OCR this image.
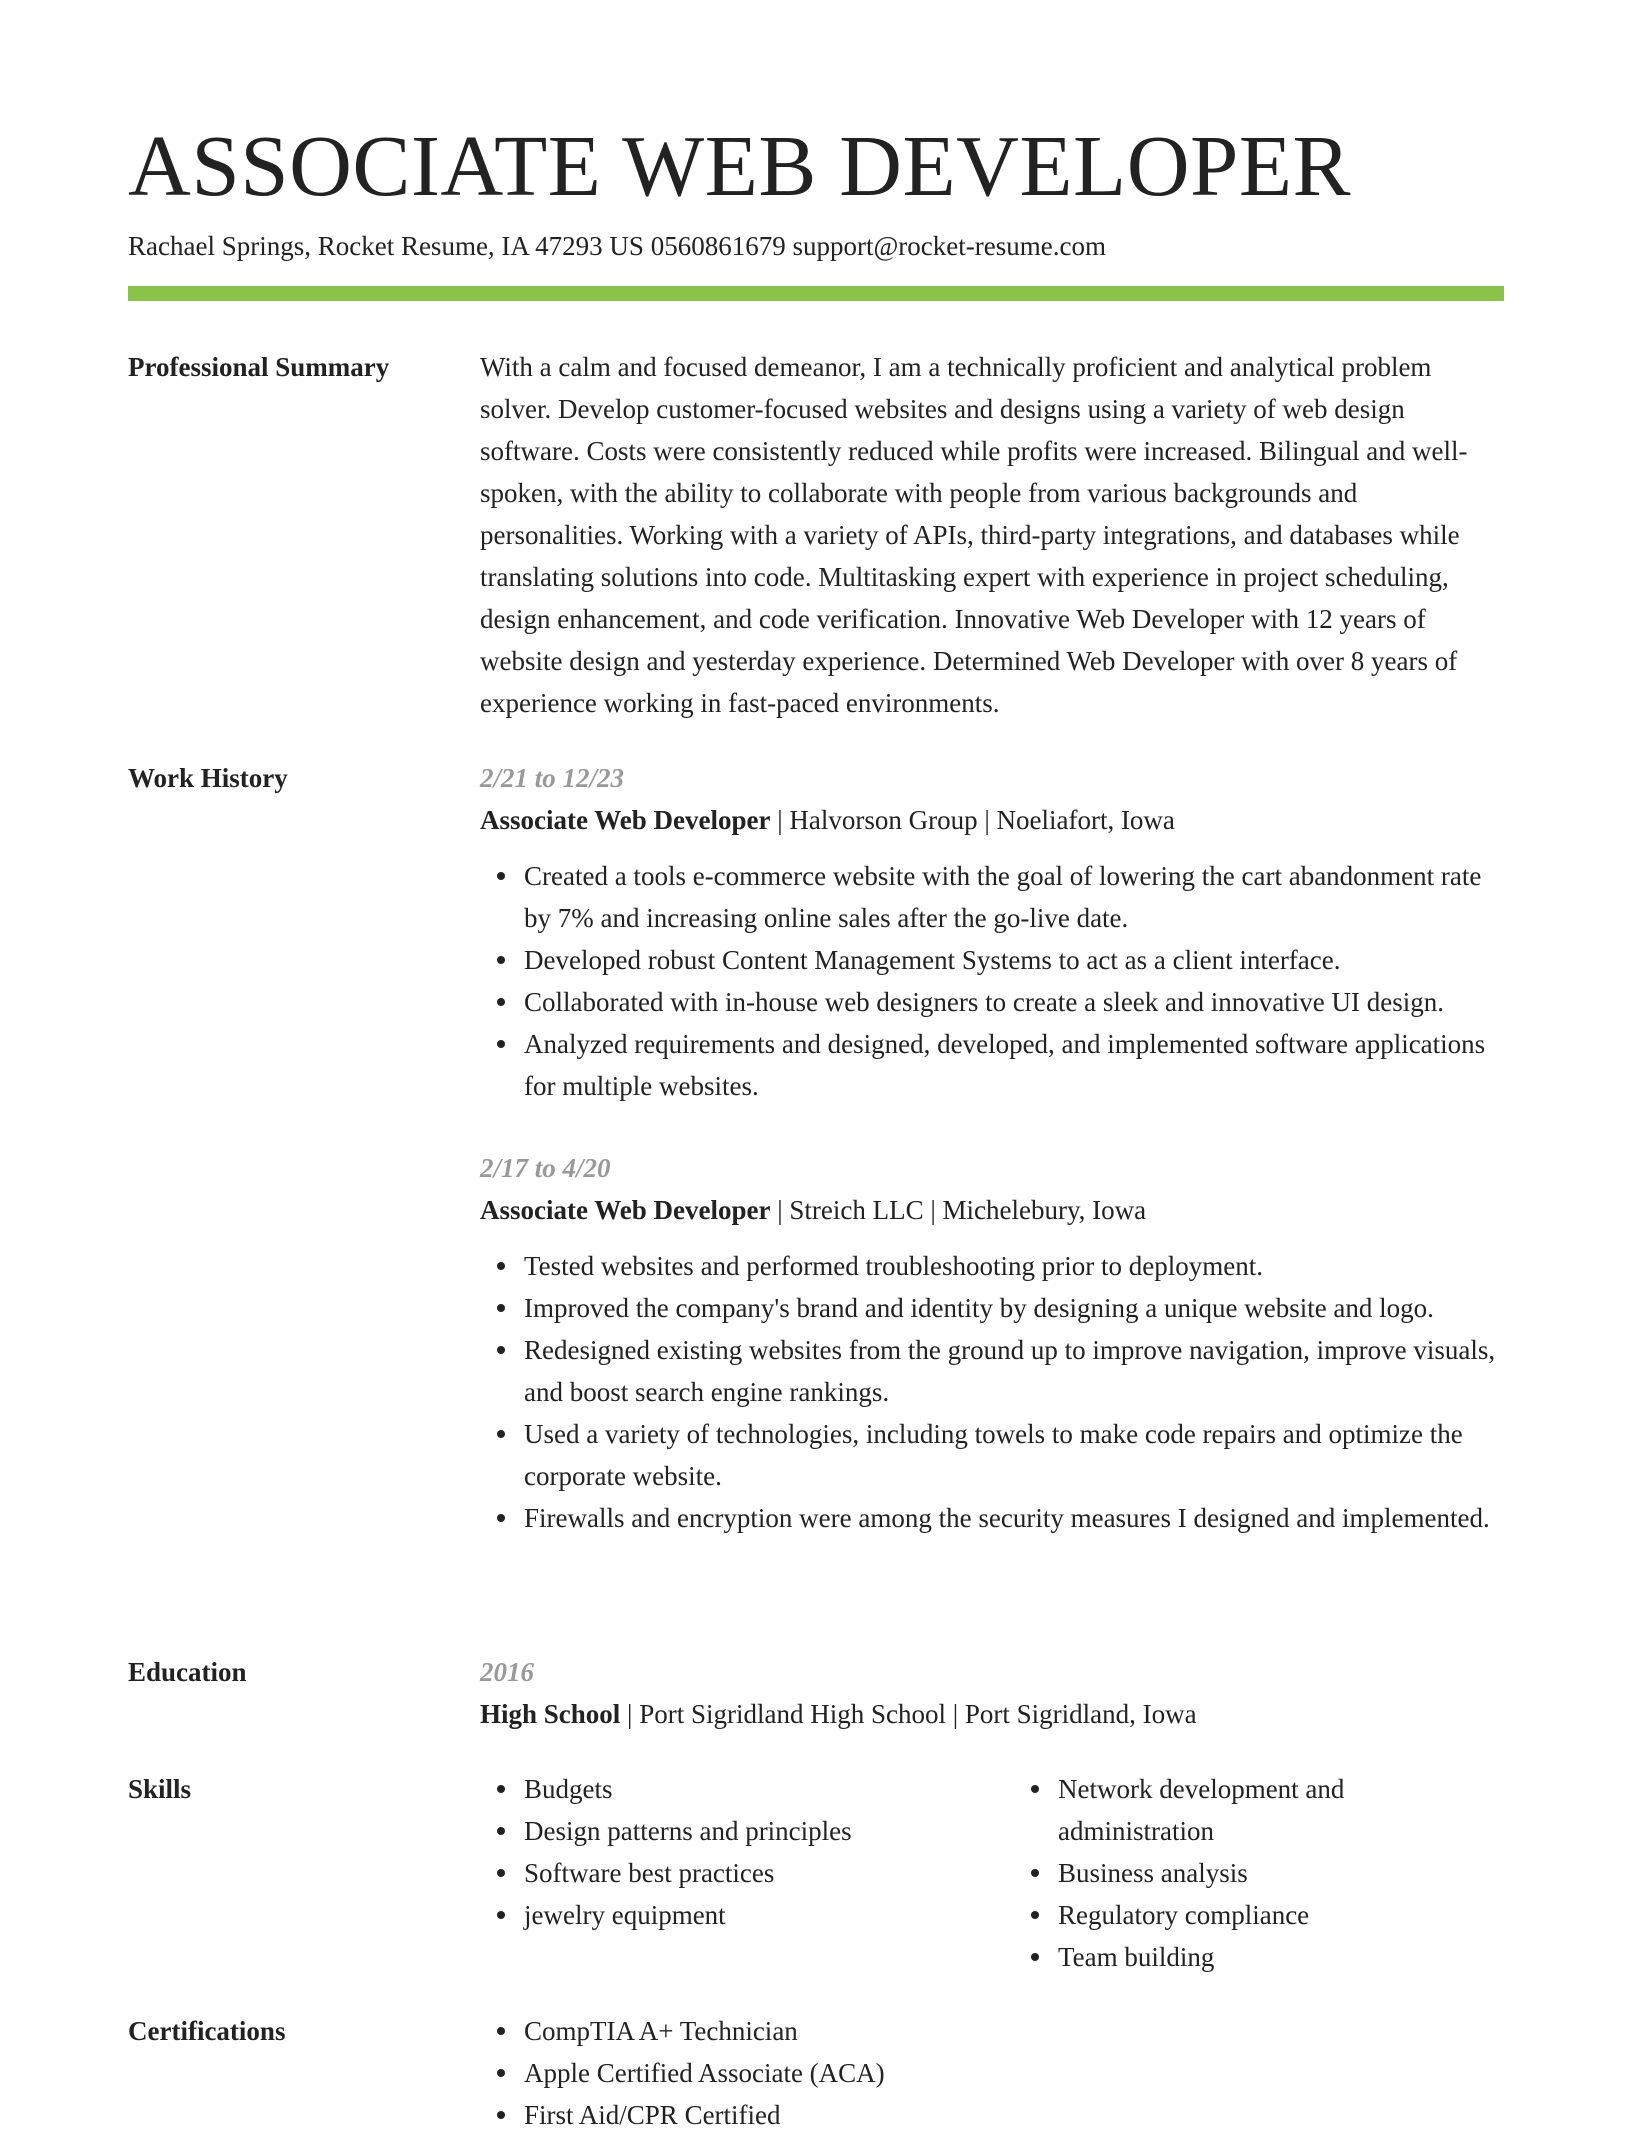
ASSOCIATE WEB DEVELOPER
Rachael Springs, Rocket Resume, IA 47293 US 0560861679 support@rocket-resume.com
Professional Summary	With a calm and focused demeanor, I am a technically proficient and analytical problem solver. Develop customer-focused websites and designs using a variety of web design software. Costs were consistently reduced while profits were increased. Bilingual and well-spoken, with the ability to collaborate with people from various backgrounds and personalities. Working with a variety of APIs, third-party integrations, and databases while translating solutions into code. Multitasking expert with experience in project scheduling, design enhancement, and code verification. Innovative Web Developer with 12 years of website design and yesterday experience. Determined Web Developer with over 8 years of experience working in fast-paced environments.

Work History	2/21 to 12/23
Associate Web Developer | Halvorson Group | Noeliafort, Iowa
Created a tools e-commerce website with the goal of lowering the cart abandonment rate by 7% and increasing online sales after the go-live date.
Developed robust Content Management Systems to act as a client interface.
Collaborated with in-house web designers to create a sleek and innovative UI design.
Analyzed requirements and designed, developed, and implemented software applications for multiple websites.
2/17 to 4/20
Associate Web Developer | Streich LLC | Michelebury, Iowa
Tested websites and performed troubleshooting prior to deployment.
Improved the company's brand and identity by designing a unique website and logo.
Redesigned existing websites from the ground up to improve navigation, improve visuals, and boost search engine rankings.
Used a variety of technologies, including towels to make code repairs and optimize the corporate website.
Firewalls and encryption were among the security measures I designed and implemented.
Education	2016
High School | Port Sigridland High School | Port Sigridland, Iowa
Skills	Budgets
Design patterns and principles
Software best practices
jewelry equipment
Network development and administration
Business analysis
Regulatory compliance
Team building
Certifications	CompTIA A+ Technician
Apple Certified Associate (ACA)
First Aid/CPR Certified
